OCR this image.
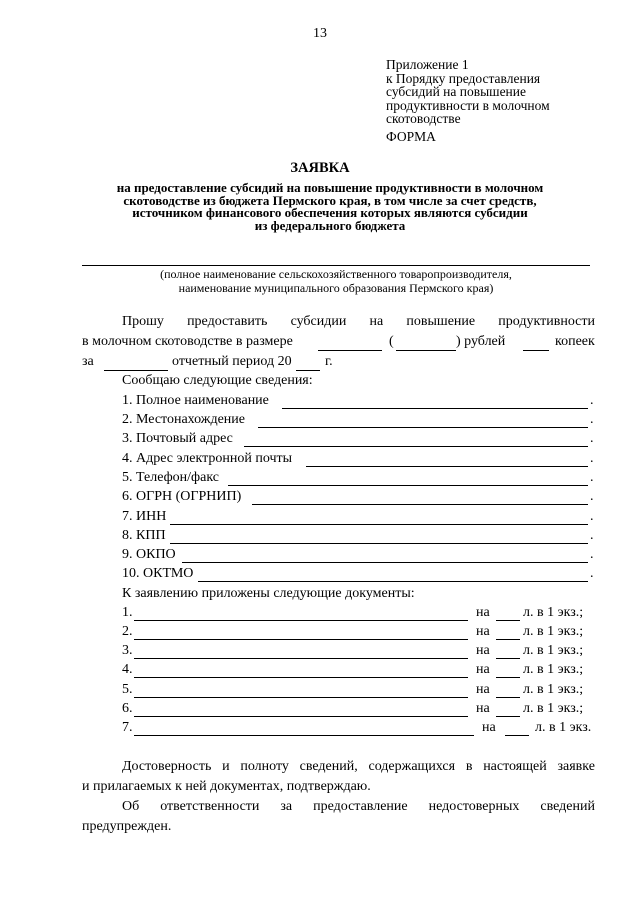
13
Приложение 1
к Порядку предоставления
субсидий на повышение
продуктивности в молочном
скотоводстве
ФОРМА
ЗАЯВКА
на предоставление субсидий на повышение продуктивности в молочном
скотоводстве из бюджета Пермского края, в том числе за счет средств,
источником финансового обеспечения которых являются субсидии
из федерального бюджета
(полное наименование сельскохозяйственного товаропроизводителя,
наименование муниципального образования Пермского края)
Прошу предоставить субсидии на повышение продуктивности
в молочном скотоводстве в размере	(	) рублей	копеек
за	отчетный период 20 г.
Сообщаю следующие сведения:
1. Полное наименование	.
2. Местонахождение	.
3. Почтовый адрес	.
4. Адрес электронной почты	.
5. Телефон/факс	.
6. ОГРН (ОГРНИП)	.
7. ИНН	.
8. КПП	.
9. ОКПО	.
10. ОКТМО	.
К заявлению приложены следующие документы:
1.	на л. в 1 экз.;
2.	на л. в 1 экз.;
3.	на л. в 1 экз.;
4.	на л. в 1 экз.;
5.	на л. в 1 экз.;
6.	на л. в 1 экз.;
7.	на	л. в 1 экз.
Достоверность и полноту сведений, содержащихся в настоящей заявке
и прилагаемых к ней документах, подтверждаю.
Об ответственности за предоставление недостоверных сведений
предупрежден.
